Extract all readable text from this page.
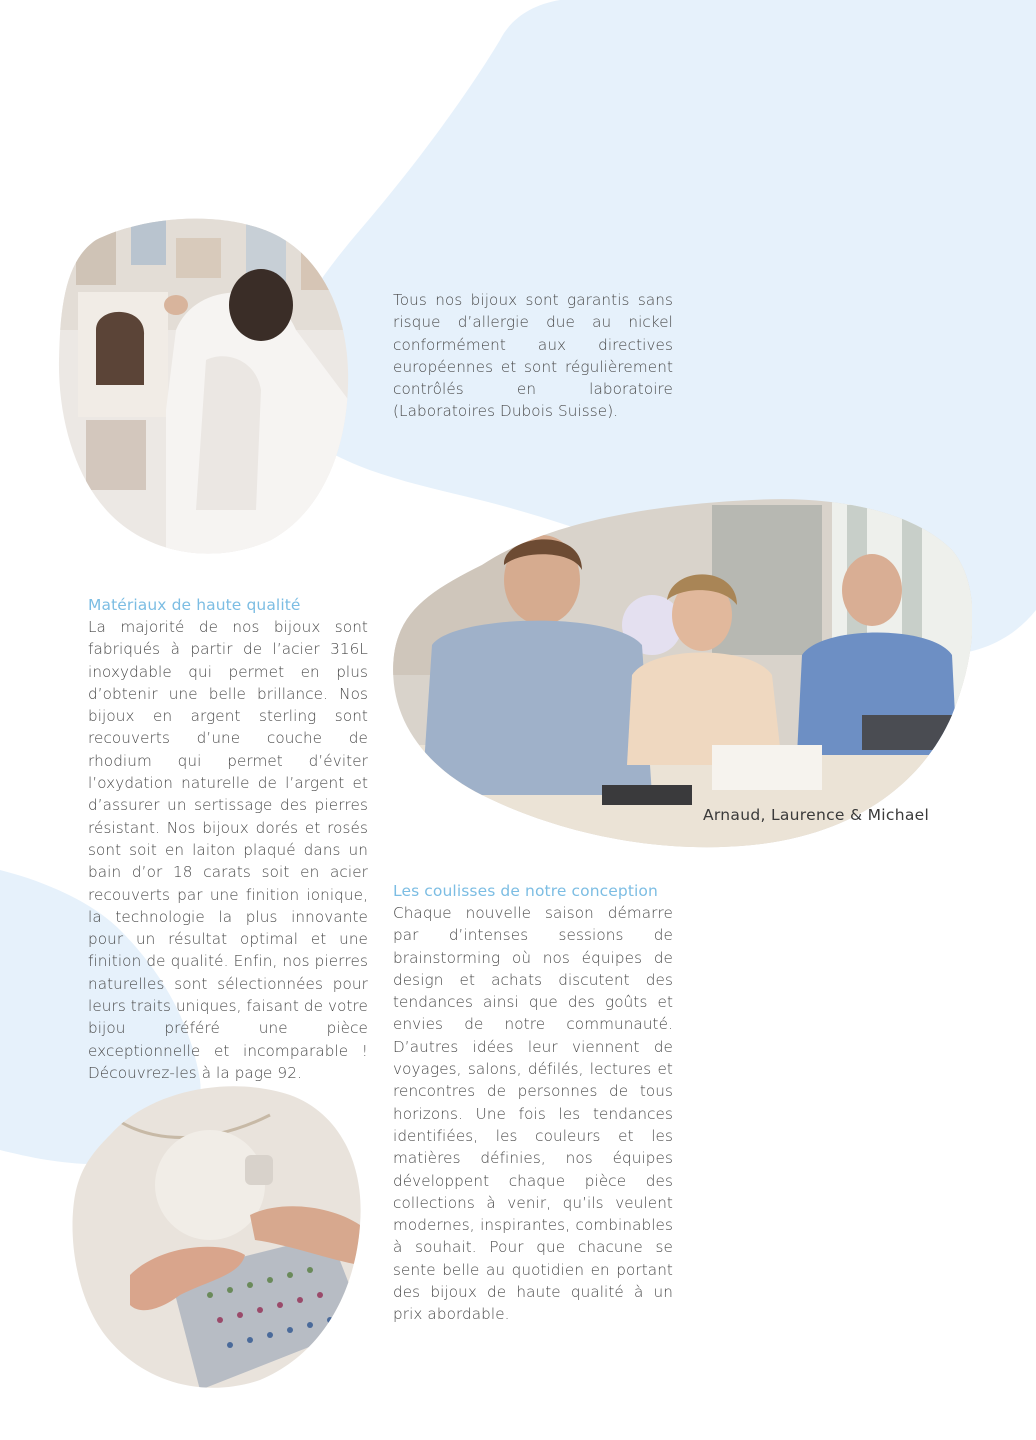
Tous nos bijoux sont garantis sans risque d’allergie due au nickel conformément aux directives européennes et sont régulièrement contrôlés en laboratoire (Laboratoires Dubois Suisse).

Matériaux de haute qualité

La majorité de nos bijoux sont fabriqués à partir de l’acier 316L inoxydable qui permet en plus d’obtenir une belle brillance. Nos bijoux en argent sterling sont recouverts d’une couche de rhodium qui permet d’éviter l’oxydation naturelle de l’argent et d’assurer un sertissage des pierres résistant. Nos bijoux dorés et rosés sont soit en laiton plaqué dans un bain d’or 18 carats soit en acier recouverts par une finition ionique, la technologie la plus innovante pour un résultat optimal et une finition de qualité. Enfin, nos pierres naturelles sont sélectionnées pour leurs traits uniques, faisant de votre bijou préféré une pièce exceptionnelle et incomparable ! Découvrez-les à la page 92.

Arnaud, Laurence & Michael
Les coulisses de notre conception

Chaque nouvelle saison démarre par d’intenses sessions de brainstorming où nos équipes de design et achats discutent des tendances ainsi que des goûts et envies de notre communauté. D’autres idées leur viennent de voyages, salons, défilés, lectures et rencontres de personnes de tous horizons. Une fois les tendances identifiées, les couleurs et les matières définies, nos équipes développent chaque pièce des collections à venir, qu’ils veulent modernes, inspirantes, combinables à souhait. Pour que chacune se sente belle au quotidien en portant des bijoux de haute qualité à un prix abordable.
